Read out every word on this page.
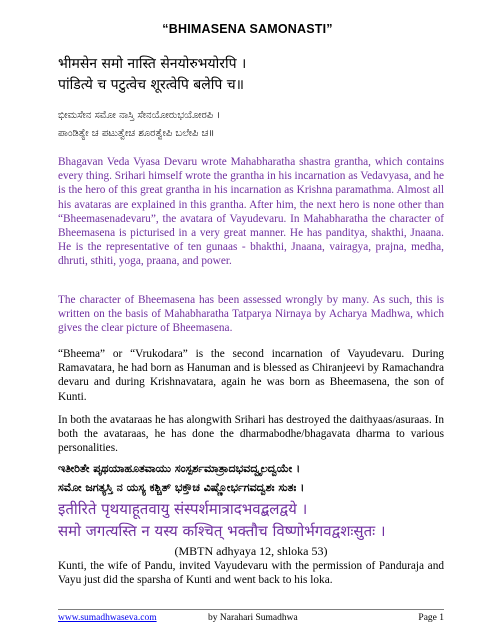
“BHIMASENA SAMONASTI”
भीमसेन समो नास्ति सेनयोरुभयोरपि ।
पांडित्ये च पटुत्वेच शूरत्वेपि बलेपि च॥
ಭೀಮಸೇನ ಸಮೋ ನಾಸ್ತಿ ಸೇನಯೋರುಭಯೋರಪಿ ।
ಪಾಂಡಿತ್ಯೇ ಚ ಪಟುತ್ವೇಚ ಶೂರತ್ವೇಪಿ ಬಲೇಪಿ ಚ॥
Bhagavan Veda Vyasa Devaru wrote Mahabharatha shastra grantha, which contains every thing. Srihari himself wrote the grantha in his incarnation as Vedavyasa, and he is the hero of this great grantha in his incarnation as Krishna paramathma. Almost all his avataras are explained in this grantha. After him, the next hero is none other than “Bheemasenadevaru”, the avatara of Vayudevaru. In Mahabharatha the character of Bheemasena is picturised in a very great manner. He has panditya, shakthi, Jnaana. He is the representative of ten gunaas - bhakthi, Jnaana, vairagya, prajna, medha, dhruti, sthiti, yoga, praana, and power.
The character of Bheemasena has been assessed wrongly by many. As such, this is written on the basis of Mahabharatha Tatparya Nirnaya by Acharya Madhwa, which gives the clear picture of Bheemasena.
“Bheema” or “Vrukodara” is the second incarnation of Vayudevaru. During Ramavatara, he had born as Hanuman and is blessed as Chiranjeevi by Ramachandra devaru and during Krishnavatara, again he was born as Bheemasena, the son of Kunti.
In both the avataraas he has alongwith Srihari has destroyed the daithyaas/asuraas. In both the avataraas, he has done the dharmabodhe/bhagavata dharma to various personalities.
ಇತೀರಿತೇ ಪೃಥಯಾಹೂತವಾಯು ಸಂಸ್ಪರ್ಶಮಾತ್ರಾದಭವದ್ವೃಲದ್ವಯೇ ।
ಸಮೋ ಜಗತ್ಯಸ್ತಿ ನ ಯಸ್ಯ ಕಶ್ಚಿತ್ ಭಕ್ತೌಚ ವಿಷ್ಣೋರ್ಭಗವದ್ವಶಃ ಸುತಃ ।
इतीरिते पृथयाहूतवायु संस्पर्शमात्रादभवद्बलद्वये ।
समो जगत्यस्ति न यस्य कश्चित् भक्तौच विष्णोर्भगवद्वशःसुतः ।
(MBTN adhyaya 12, shloka 53)
Kunti, the wife of Pandu, invited Vayudevaru with the permission of Panduraja and Vayu just did the sparsha of Kunti and went back to his loka.
www.sumadhwaseva.com	by Narahari Sumadhwa	Page 1
